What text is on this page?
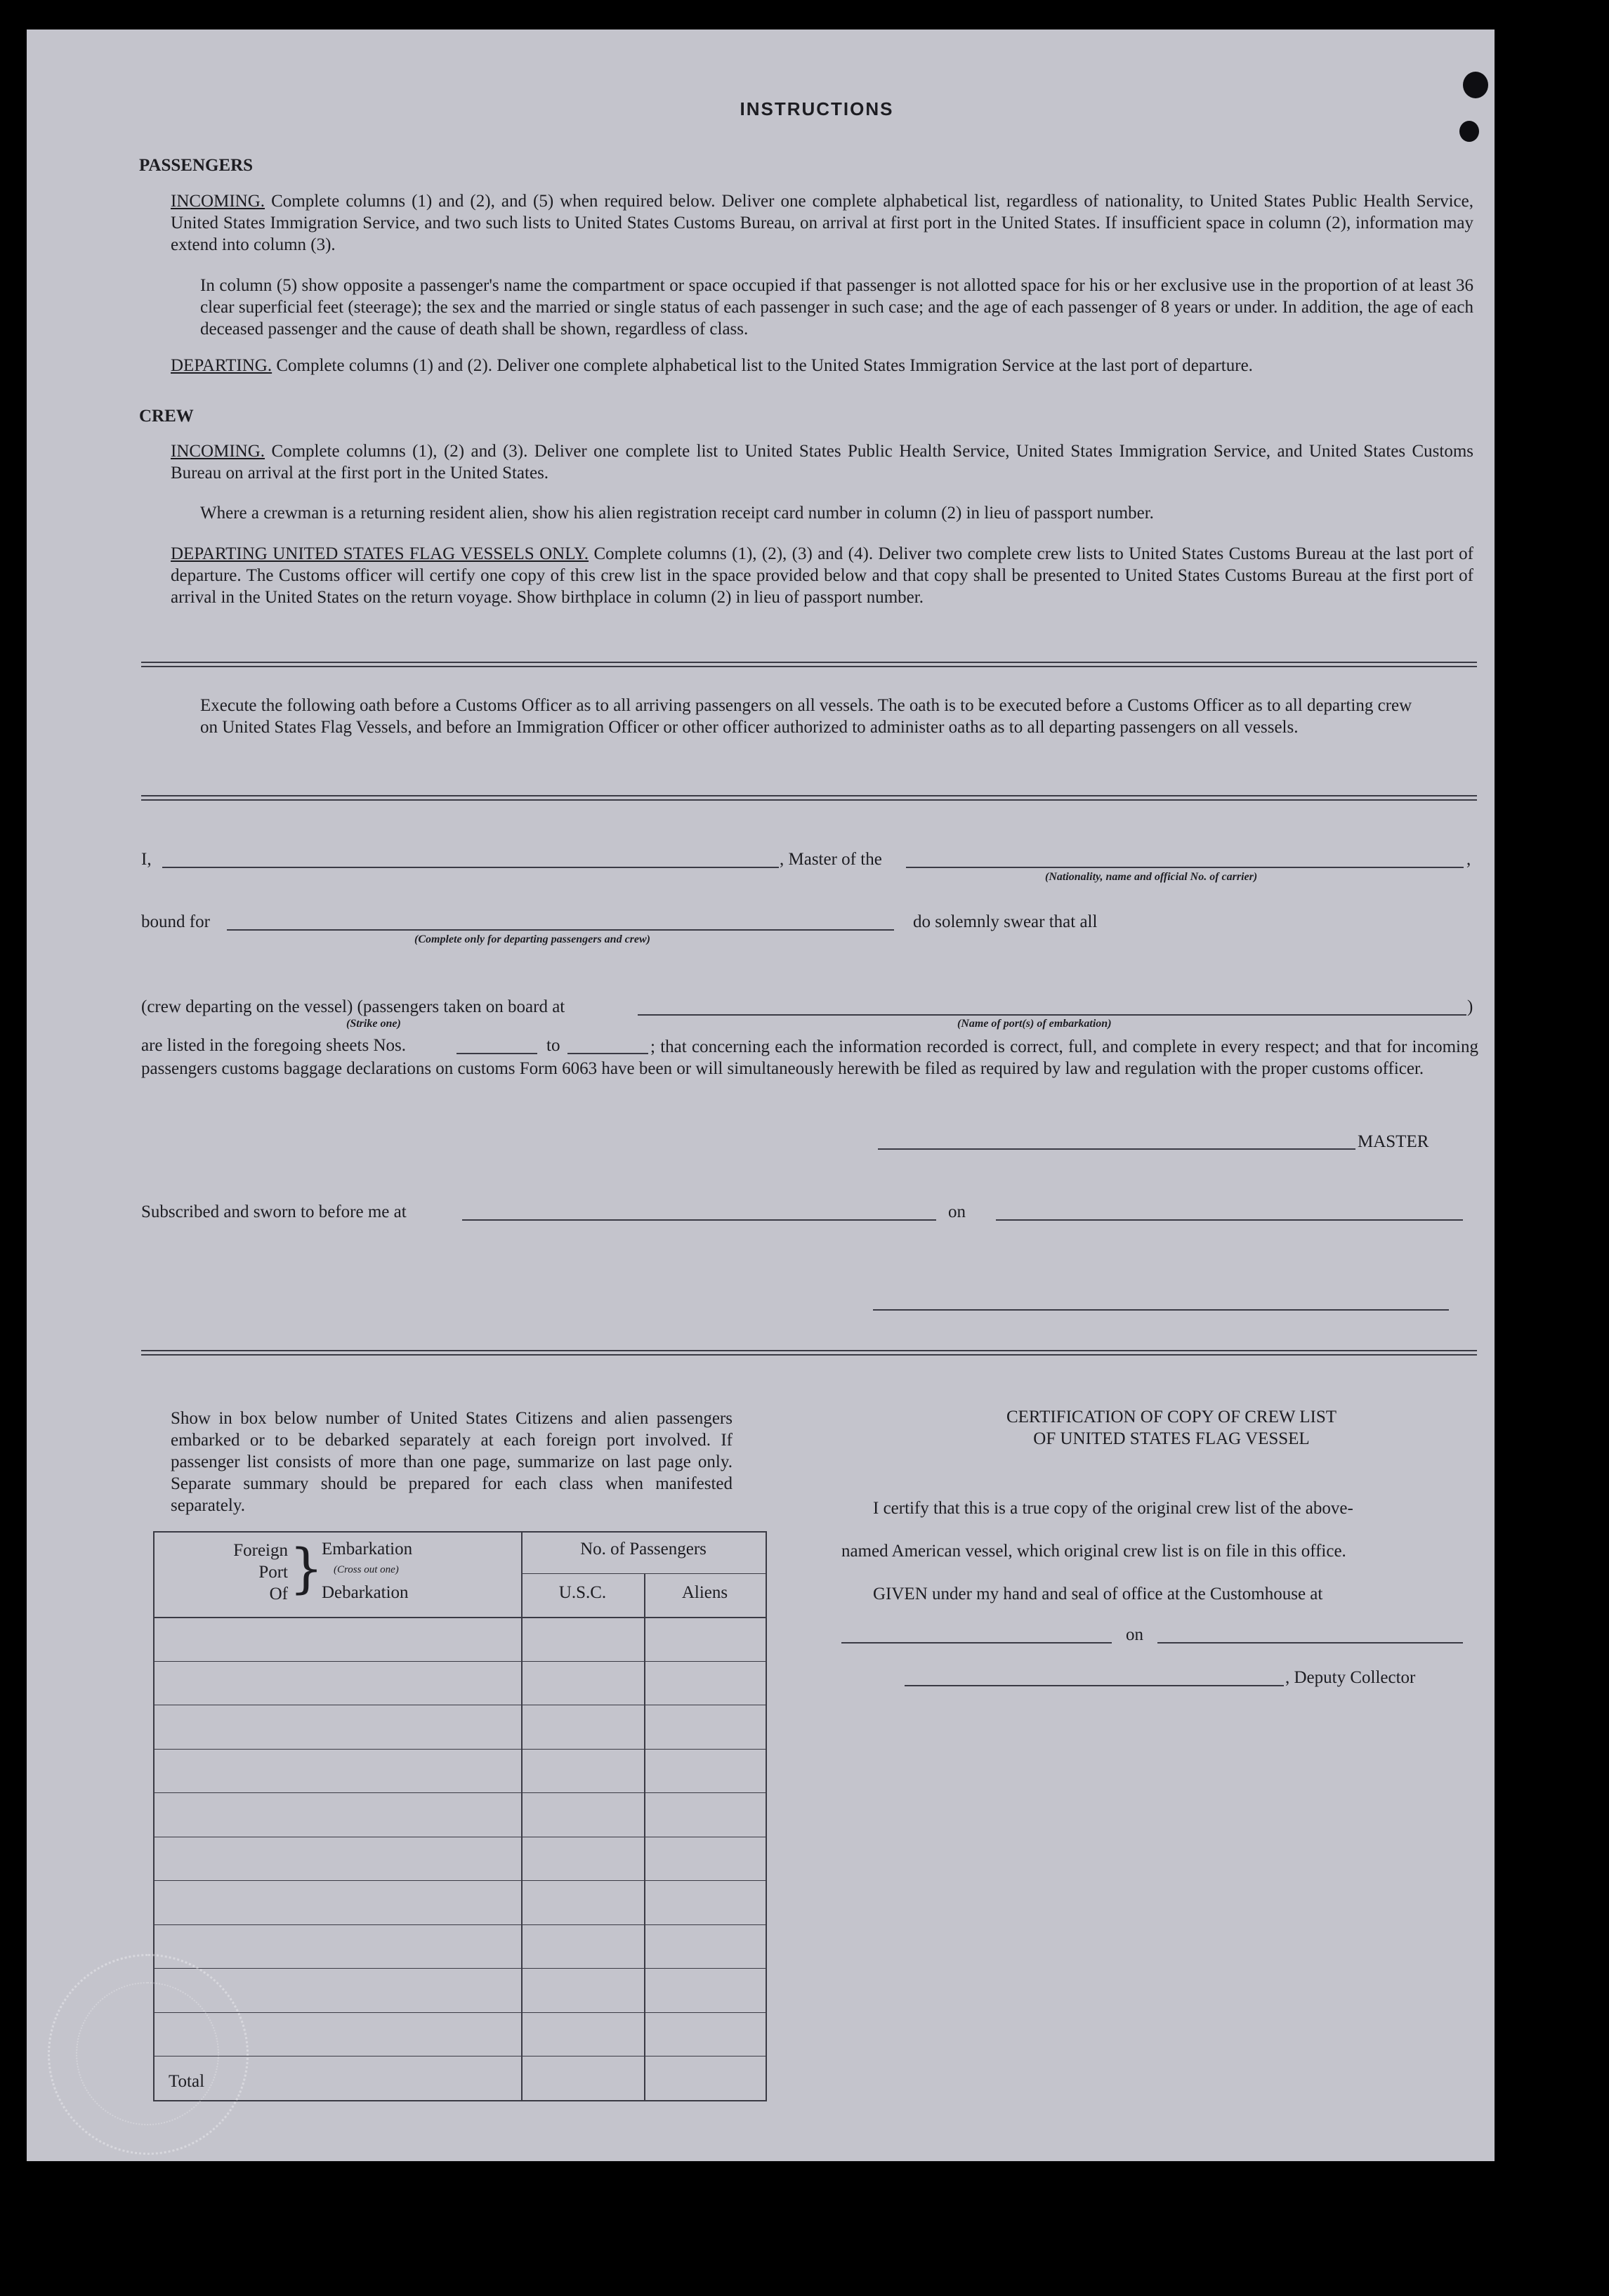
INSTRUCTIONS
PASSENGERS
INCOMING. Complete columns (1) and (2), and (5) when required below. Deliver one complete alphabetical list, regardless of nationality, to United States Public Health Service, United States Immigration Service, and two such lists to United States Customs Bureau, on arrival at first port in the United States. If insufficient space in column (2), information may extend into column (3).
In column (5) show opposite a passenger's name the compartment or space occupied if that passenger is not allotted space for his or her exclusive use in the proportion of at least 36 clear superficial feet (steerage); the sex and the married or single status of each passenger in such case; and the age of each passenger of 8 years or under. In addition, the age of each deceased passenger and the cause of death shall be shown, regardless of class.
DEPARTING. Complete columns (1) and (2). Deliver one complete alphabetical list to the United States Immigration Service at the last port of departure.
CREW
INCOMING. Complete columns (1), (2) and (3). Deliver one complete list to United States Public Health Service, United States Immigration Service, and United States Customs Bureau on arrival at the first port in the United States.
Where a crewman is a returning resident alien, show his alien registration receipt card number in column (2) in lieu of passport number.
DEPARTING UNITED STATES FLAG VESSELS ONLY. Complete columns (1), (2), (3) and (4). Deliver two complete crew lists to United States Customs Bureau at the last port of departure. The Customs officer will certify one copy of this crew list in the space provided below and that copy shall be presented to United States Customs Bureau at the first port of arrival in the United States on the return voyage. Show birthplace in column (2) in lieu of passport number.
Execute the following oath before a Customs Officer as to all arriving passengers on all vessels. The oath is to be executed before a Customs Officer as to all departing crew on United States Flag Vessels, and before an Immigration Officer or other officer authorized to administer oaths as to all departing passengers on all vessels.
I,	, Master of the	,
(Nationality, name and official No. of carrier)
bound for
(Complete only for departing passengers and crew)
do solemnly swear that all
(crew departing on the vessel) (passengers taken on board at	)
(Strike one)	(Name of port(s) of embarkation)
are listed in the foregoing sheets Nos.	to	; that concerning each the information recorded is correct, full, and complete in every respect; and that for incoming passengers customs baggage declarations on customs Form 6063 have been or will simultaneously herewith be filed as required by law and regulation with the proper customs officer.
MASTER
Subscribed and sworn to before me at	on
Show in box below number of United States Citizens and alien passengers embarked or to be debarked separately at each foreign port involved. If passenger list consists of more than one page, summarize on last page only. Separate summary should be prepared for each class when manifested separately.
Foreign
Port
Of }
Embarkation
(Cross out one)
Debarkation
No. of Passengers
U.S.C.	Aliens
Total
CERTIFICATION OF COPY OF CREW LIST
OF UNITED STATES FLAG VESSEL
I certify that this is a true copy of the original crew list of the above-
named American vessel, which original crew list is on file in this office.
GIVEN under my hand and seal of office at the Customhouse at
on
, Deputy Collector
